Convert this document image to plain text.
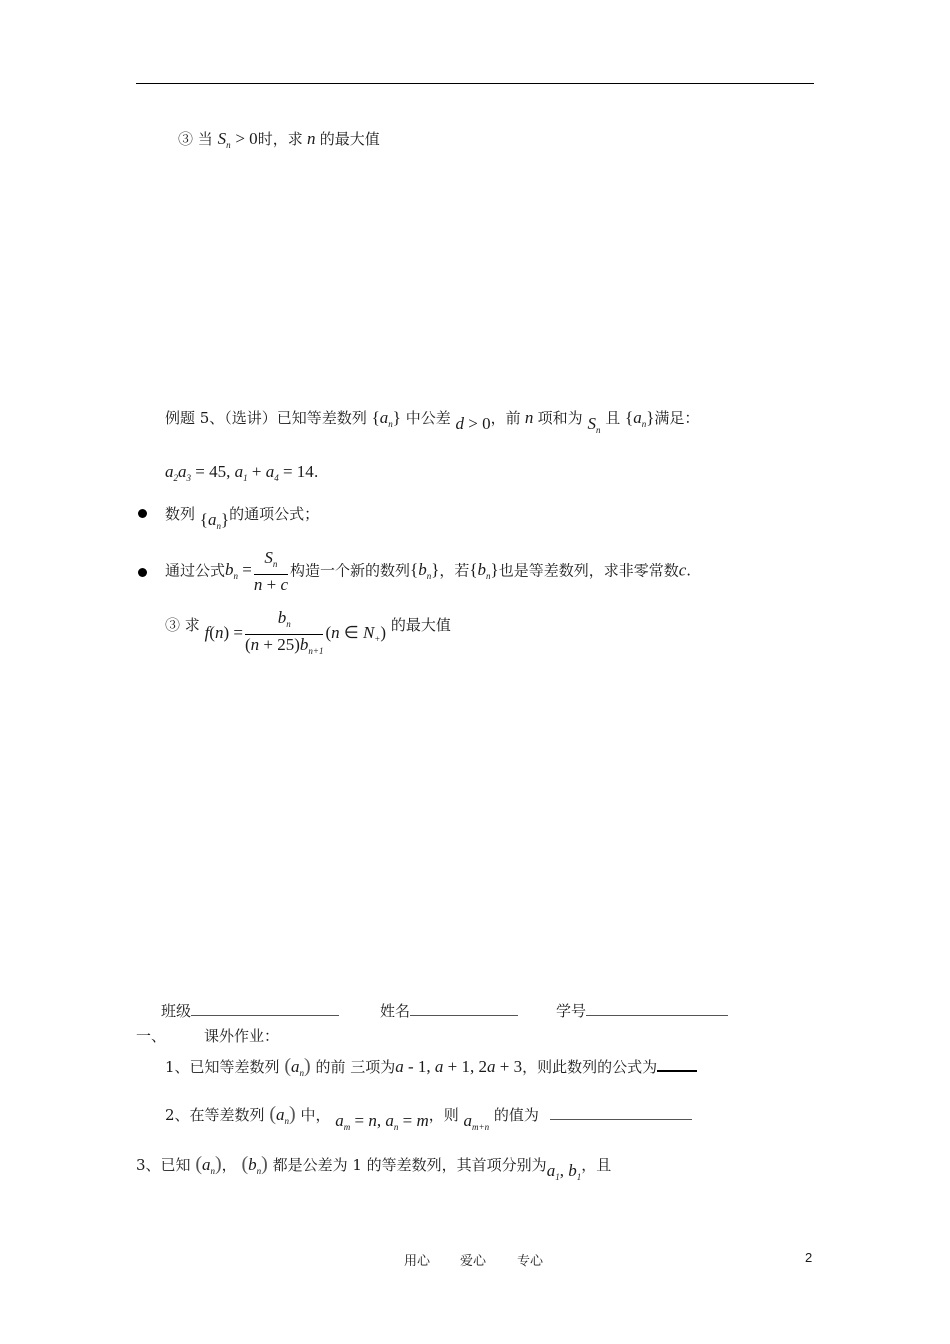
③ 当 $S_n > 0$时，求 n 的最大值
例题 5、（选讲）已知等差数列 $\{a_n\}$ 中公差 d > 0，前 n 项和为 $S_n$ 且 $\{a_n\}$满足：
$a_2a_3 = 45$, $a_1 + a_4 = 14$.
数列 $\{a_n\}$的通项公式；
通过公式$b_n = \frac{S_n}{n + c}$ 构造一个新的数列$\{b_n\}$，若$\{b_n\}$也是等差数列，求非零常数c.
③ 求 $f(n) = \frac{b_n}{(n + 25)b_{n+1}} (n$ ∈ $N_+$) 的最大值
班级	姓名	学号
一、	课外作业：
1、已知等差数列 $(a_n)$ 的前 三项为a - 1, a + 1, 2a + 3，则此数列的公式为
2、在等差数列 $(a_n)$ 中， $a_m = n$, $a_n = m$，则 $a_{m+n}$ 的值为
3、已知 $(a_n)$， $(b_n)$ 都是公差为 1 的等差数列，其首项分别为$a_1$, $b_1$，且
用心 爱心 专心	2
